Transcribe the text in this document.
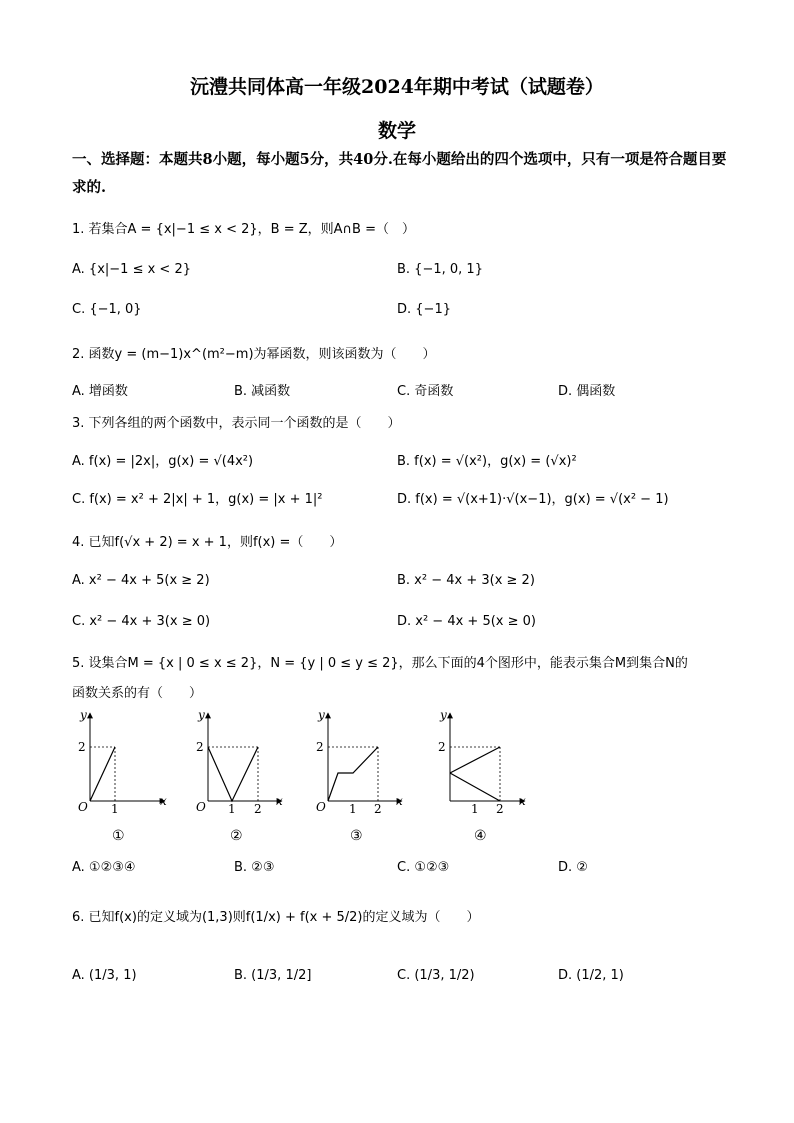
沅澧共同体高一年级2024年期中考试（试题卷）
数学
一、选择题：本题共8小题，每小题5分，共40分.在每小题给出的四个选项中，只有一项是符合题目要求的.
1. 若集合A = {x|−1 ≤ x < 2}，B = Z，则A∩B =（　）
A. {x|−1 ≤ x < 2}	B. {−1, 0, 1}
C. {−1, 0}	D. {−1}
2. 函数y = (m−1)x^(m²−m)为幂函数，则该函数为（　　）
A. 增函数	B. 减函数	C. 奇函数	D. 偶函数
3. 下列各组的两个函数中，表示同一个函数的是（　　）
A. f(x) = |2x|，g(x) = √(4x²)	B. f(x) = √(x²)，g(x) = (√x)²
C. f(x) = x² + 2|x| + 1，g(x) = |x + 1|²	D. f(x) = √(x+1)·√(x−1)，g(x) = √(x² − 1)
4. 已知f(√x + 2) = x + 1，则f(x) =（　　）
A. x² − 4x + 5(x ≥ 2)	B. x² − 4x + 3(x ≥ 2)
C. x² − 4x + 3(x ≥ 0)	D. x² − 4x + 5(x ≥ 0)
5. 设集合M = {x | 0 ≤ x ≤ 2}，N = {y | 0 ≤ y ≤ 2}，那么下面的4个图形中，能表示集合M到集合N的
函数关系的有（　　）
y
x
O
2
1
y
x
O
2
1 2
y
x
O
2
1 2
y
x
2
1 2
①	②	③	④
A. ①②③④	B. ②③	C. ①②③	D. ②
6. 已知f(x)的定义域为(1,3)则f(1/x) + f(x + 5/2)的定义域为（　　）
A. (1/3, 1)	B. (1/3, 1/2]	C. (1/3, 1/2)	D. (1/2, 1)
